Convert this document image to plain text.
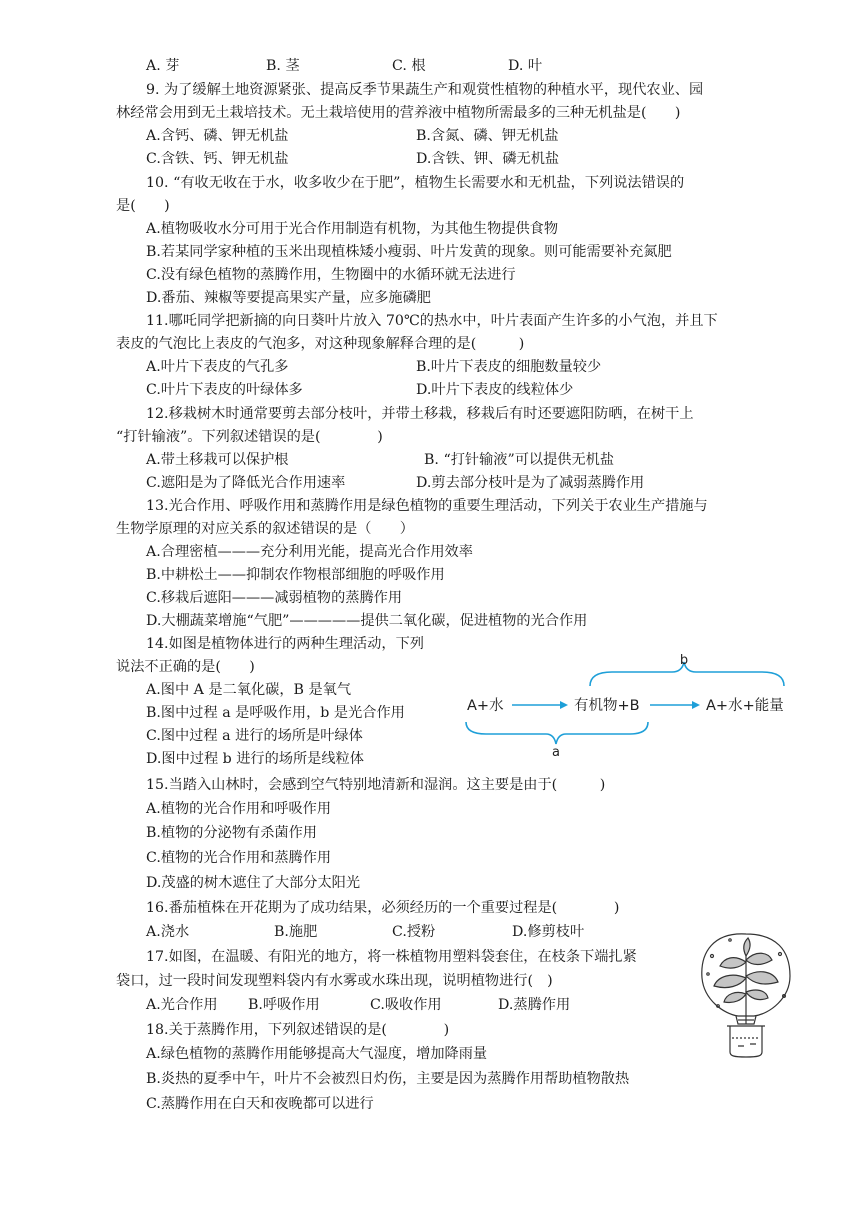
A. 芽	B. 茎	C. 根	D. 叶
9. 为了缓解土地资源紧张、提高反季节果蔬生产和观赏性植物的种植水平，现代农业、园
林经常会用到无土栽培技术。无土栽培使用的营养液中植物所需最多的三种无机盐是(　　)
A.含钙、磷、钾无机盐	B.含氮、磷、钾无机盐
C.含铁、钙、钾无机盐	D.含铁、钾、磷无机盐
10. “有收无收在于水，收多收少在于肥”，植物生长需要水和无机盐，下列说法错误的
是(　　)
A.植物吸收水分可用于光合作用制造有机物，为其他生物提供食物
B.若某同学家种植的玉米出现植株矮小瘦弱、叶片发黄的现象。则可能需要补充氮肥
C.没有绿色植物的蒸腾作用，生物圈中的水循环就无法进行
D.番茄、辣椒等要提高果实产量，应多施磷肥
11.哪吒同学把新摘的向日葵叶片放入 70℃的热水中，叶片表面产生许多的小气泡，并且下
表皮的气泡比上表皮的气泡多，对这种现象解释合理的是(　　　)
A.叶片下表皮的气孔多	B.叶片下表皮的细胞数量较少
C.叶片下表皮的叶绿体多	D.叶片下表皮的线粒体少
12.移栽树木时通常要剪去部分枝叶，并带土移栽，移栽后有时还要遮阳防晒，在树干上
“打针输液”。下列叙述错误的是(　　　　)
A.带土移栽可以保护根	B. “打针输液”可以提供无机盐
C.遮阳是为了降低光合作用速率	D.剪去部分枝叶是为了减弱蒸腾作用
13.光合作用、呼吸作用和蒸腾作用是绿色植物的重要生理活动，下列关于农业生产措施与
生物学原理的对应关系的叙述错误的是（　　）
A.合理密植———充分利用光能，提高光合作用效率
B.中耕松土——抑制农作物根部细胞的呼吸作用
C.移栽后遮阳———减弱植物的蒸腾作用
D.大棚蔬菜增施“气肥”—————提供二氧化碳，促进植物的光合作用
14.如图是植物体进行的两种生理活动，下列
说法不正确的是(　　)
A.图中 A 是二氧化碳，B 是氧气
B.图中过程 a 是呼吸作用，b 是光合作用
C.图中过程 a 进行的场所是叶绿体
D.图中过程 b 进行的场所是线粒体
b
A+水	有机物+B	A+水+能量
a
15.当踏入山林时，会感到空气特别地清新和湿润。这主要是由于(　　　)
A.植物的光合作用和呼吸作用
B.植物的分泌物有杀菌作用
C.植物的光合作用和蒸腾作用
D.茂盛的树木遮住了大部分太阳光
16.番茄植株在开花期为了成功结果，必须经历的一个重要过程是(　　　　)
A.浇水	B.施肥	C.授粉	D.修剪枝叶
17.如图，在温暖、有阳光的地方，将一株植物用塑料袋套住，在枝条下端扎紧
袋口，过一段时间发现塑料袋内有水雾或水珠出现，说明植物进行(　)
A.光合作用 B.呼吸作用	C.吸收作用	D.蒸腾作用
18.关于蒸腾作用，下列叙述错误的是(　　　　)
A.绿色植物的蒸腾作用能够提高大气湿度，增加降雨量
B.炎热的夏季中午，叶片不会被烈日灼伤，主要是因为蒸腾作用帮助植物散热
C.蒸腾作用在白天和夜晚都可以进行
